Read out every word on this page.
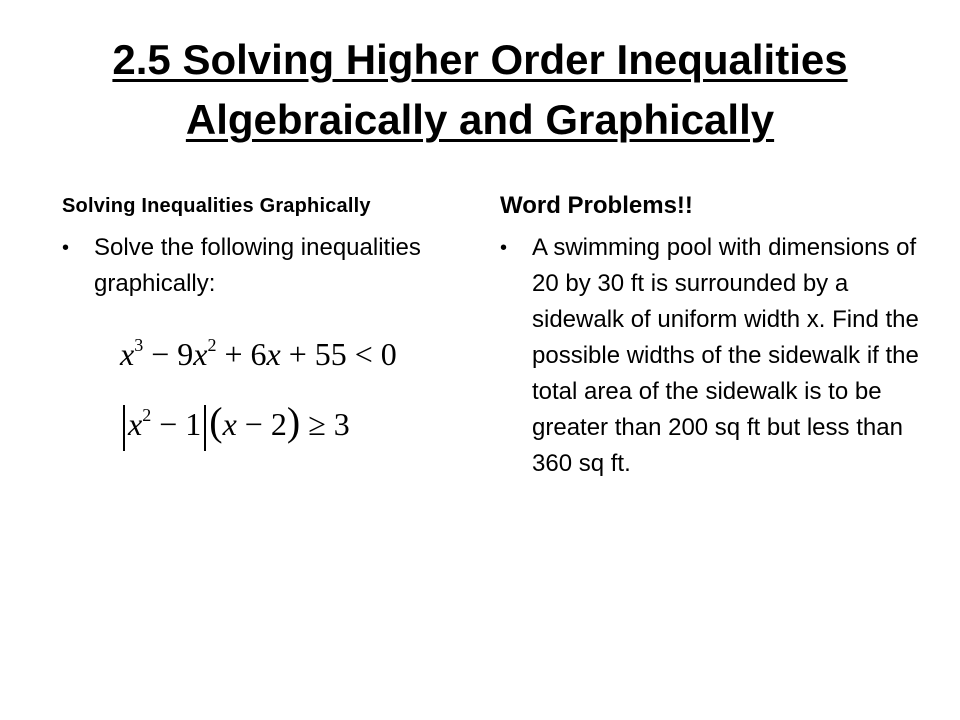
2.5 Solving Higher Order Inequalities
Algebraically and Graphically
Solving Inequalities Graphically
•	Solve the following inequalities graphically:
$x^3 - 9x^2 + 6x + 55 < 0$
$x^2 - 1$ (x − 2) ≥ 3
Word Problems!!
•	A swimming pool with dimensions of 20 by 30 ft is surrounded by a sidewalk of uniform width x. Find the possible widths of the sidewalk if the total area of the sidewalk is to be greater than 200 sq ft but less than 360 sq ft.
